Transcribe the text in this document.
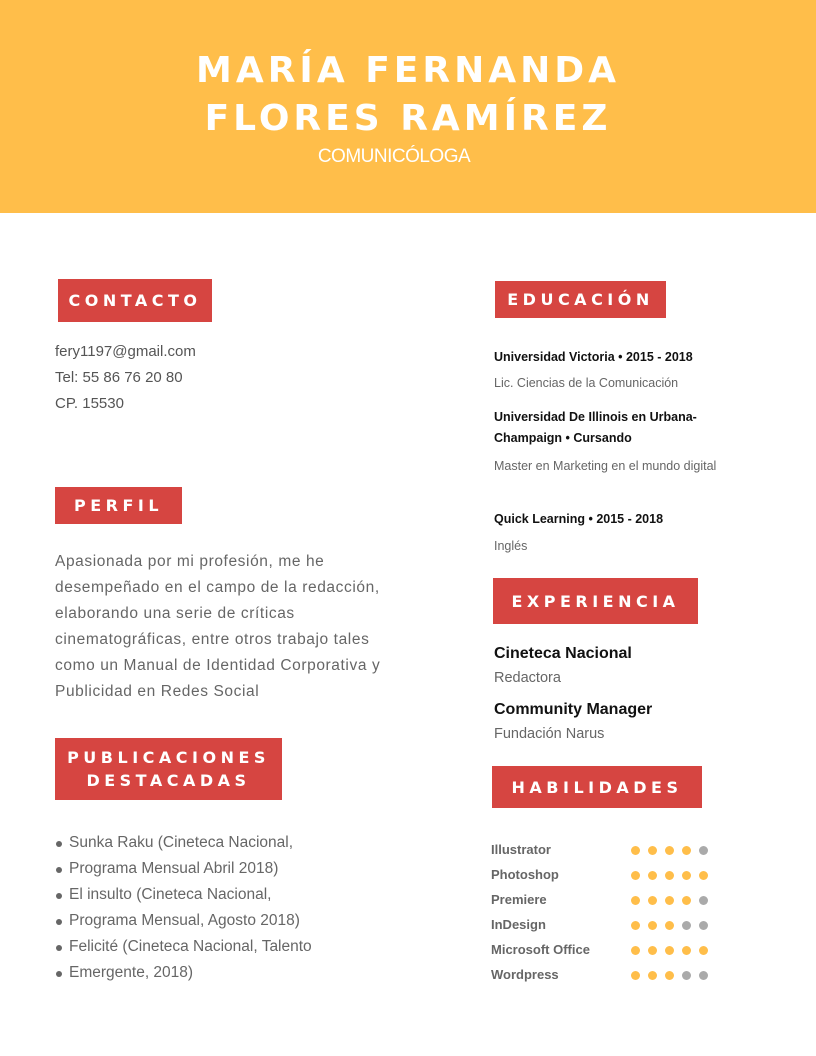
MARÍA FERNANDA
FLORES RAMÍREZ
COMUNICÓLOGA
CONTACTO
fery1197@gmail.com
Tel: 55 86 76 20 80
CP. 15530
PERFIL
Apasionada por mi profesión, me he desempeñado en el campo de la redacción, elaborando una serie de críticas cinematográficas, entre otros trabajo tales como un Manual de Identidad Corporativa y Publicidad en Redes Social
PUBLICACIONES
DESTACADAS
Sunka Raku (Cineteca Nacional,
Programa Mensual Abril 2018)
El insulto (Cineteca Nacional,
Programa Mensual, Agosto 2018)
Felicité (Cineteca Nacional, Talento
Emergente, 2018)
EDUCACIÓN
Universidad Victoria • 2015 - 2018
Lic. Ciencias de la Comunicación
Universidad De Illinois en Urbana-Champaign • Cursando
Master en Marketing en el mundo digital
Quick Learning • 2015 - 2018
Inglés
EXPERIENCIA
Cineteca Nacional
Redactora
Community Manager
Fundación Narus
HABILIDADES
Illustrator
Photoshop
Premiere
InDesign
Microsoft Office
Wordpress
